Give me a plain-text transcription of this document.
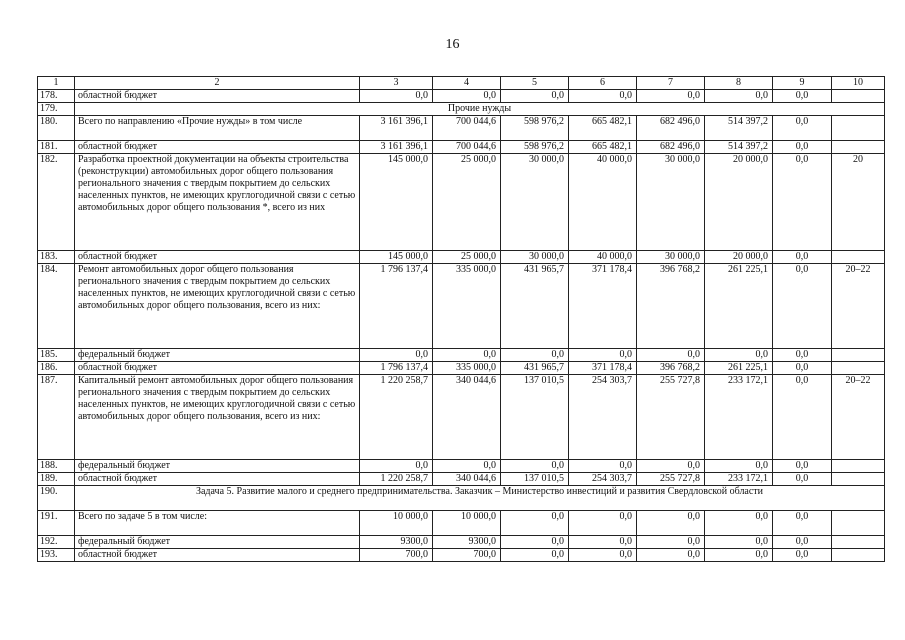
16
1	2	3	4	5	6	7	8	9	10
178.	областной бюджет	0,0	0,0	0,0	0,0	0,0	0,0	0,0	
179.	Прочие нужды								
180.	Всего по направлению «Прочие нужды» в том числе	3 161 396,1	700 044,6	598 976,2	665 482,1	682 496,0	514 397,2	0,0	
181.	областной бюджет	3 161 396,1	700 044,6	598 976,2	665 482,1	682 496,0	514 397,2	0,0	
182.	Разработка проектной документации на объекты строительства (реконструкции) автомобильных дорог общего пользования регионального значения с твердым покрытием до сельских населенных пунктов, не имеющих круглогодичной связи с сетью автомобильных дорог общего пользования *, всего из них	145 000,0	25 000,0	30 000,0	40 000,0	30 000,0	20 000,0	0,0	20
183.	областной бюджет	145 000,0	25 000,0	30 000,0	40 000,0	30 000,0	20 000,0	0,0	
184.	Ремонт автомобильных дорог общего пользования регионального значения с твердым покрытием до сельских населенных пунктов, не имеющих круглогодичной связи с сетью автомобильных дорог общего пользования, всего из них:	1 796 137,4	335 000,0	431 965,7	371 178,4	396 768,2	261 225,1	0,0	20–22
185.	федеральный бюджет	0,0	0,0	0,0	0,0	0,0	0,0	0,0	
186.	областной бюджет	1 796 137,4	335 000,0	431 965,7	371 178,4	396 768,2	261 225,1	0,0	
187.	Капитальный ремонт автомобильных дорог общего пользования регионального значения с твердым покрытием до сельских населенных пунктов, не имеющих круглогодичной связи с сетью автомобильных дорог общего пользования, всего из них:	1 220 258,7	340 044,6	137 010,5	254 303,7	255 727,8	233 172,1	0,0	20–22
188.	федеральный бюджет	0,0	0,0	0,0	0,0	0,0	0,0	0,0	
189.	областной бюджет	1 220 258,7	340 044,6	137 010,5	254 303,7	255 727,8	233 172,1	0,0	
190.	Задача 5. Развитие малого и среднего предпринимательства. Заказчик – Министерство инвестиций и развития Свердловской области								
191.	Всего по задаче 5 в том числе:	10 000,0	10 000,0	0,0	0,0	0,0	0,0	0,0	
192.	федеральный бюджет	9300,0	9300,0	0,0	0,0	0,0	0,0	0,0	
193.	областной бюджет	700,0	700,0	0,0	0,0	0,0	0,0	0,0	
